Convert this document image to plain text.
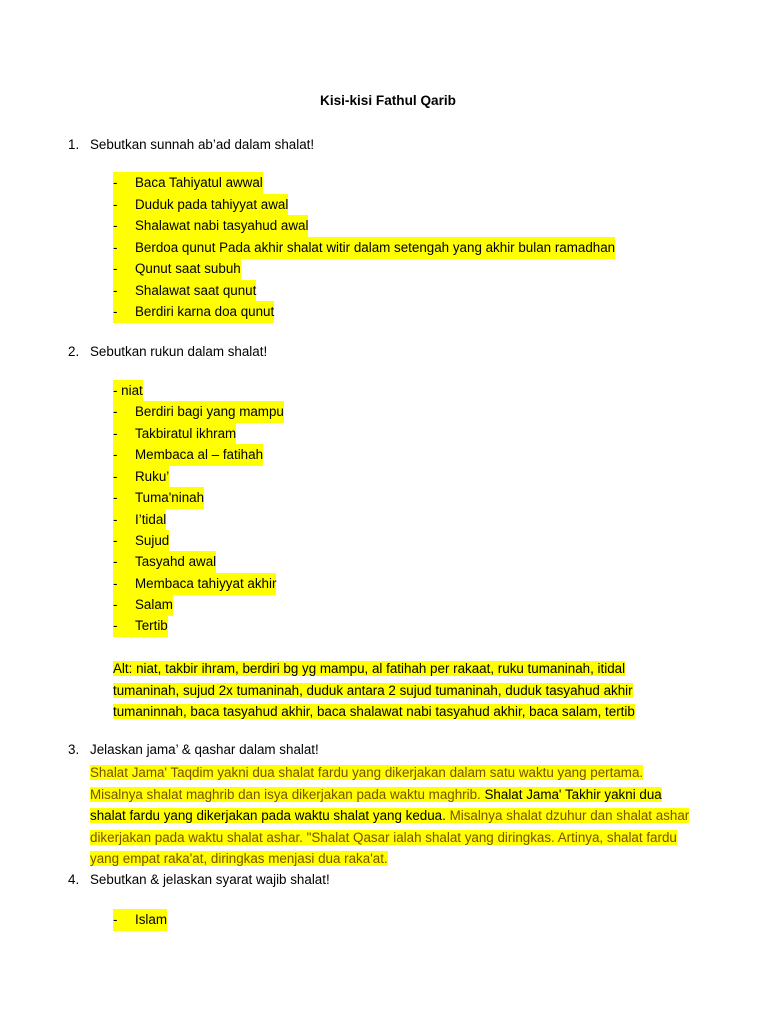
Kisi-kisi Fathul Qarib
1. Sebutkan sunnah ab’ad dalam shalat!
-	Baca Tahiyatul awwal
-	Duduk pada tahiyyat awal
-	Shalawat nabi tasyahud awal
-	Berdoa qunut Pada akhir shalat witir dalam setengah yang akhir bulan ramadhan
-	Qunut saat subuh
-	Shalawat saat qunut
-	Berdiri karna doa qunut
2. Sebutkan rukun dalam shalat!
- niat
-	Berdiri bagi yang mampu
-	Takbiratul ikhram
-	Membaca al – fatihah
-	Ruku’
-	Tuma'ninah
-	I’tidal
-	Sujud
-	Tasyahd awal
-	Membaca tahiyyat akhir
-	Salam
-	Tertib
Alt: niat, takbir ihram, berdiri bg yg mampu, al fatihah per rakaat, ruku tumaninah, itidal
tumaninah, sujud 2x tumaninah, duduk antara 2 sujud tumaninah, duduk tasyahud akhir
tumaninnah, baca tasyahud akhir, baca shalawat nabi tasyahud akhir, baca salam, tertib
3. Jelaskan jama’ & qashar dalam shalat!
Shalat Jama' Taqdim yakni dua shalat fardu yang dikerjakan dalam satu waktu yang pertama. Misalnya shalat maghrib dan isya dikerjakan pada waktu maghrib. Shalat Jama' Takhir yakni dua shalat fardu yang dikerjakan pada waktu shalat yang kedua. Misalnya shalat dzuhur dan shalat ashar dikerjakan pada waktu shalat ashar. "Shalat Qasar ialah shalat yang diringkas. Artinya, shalat fardu yang empat raka'at, diringkas menjasi dua raka'at.
4. Sebutkan & jelaskan syarat wajib shalat!
-	Islam
